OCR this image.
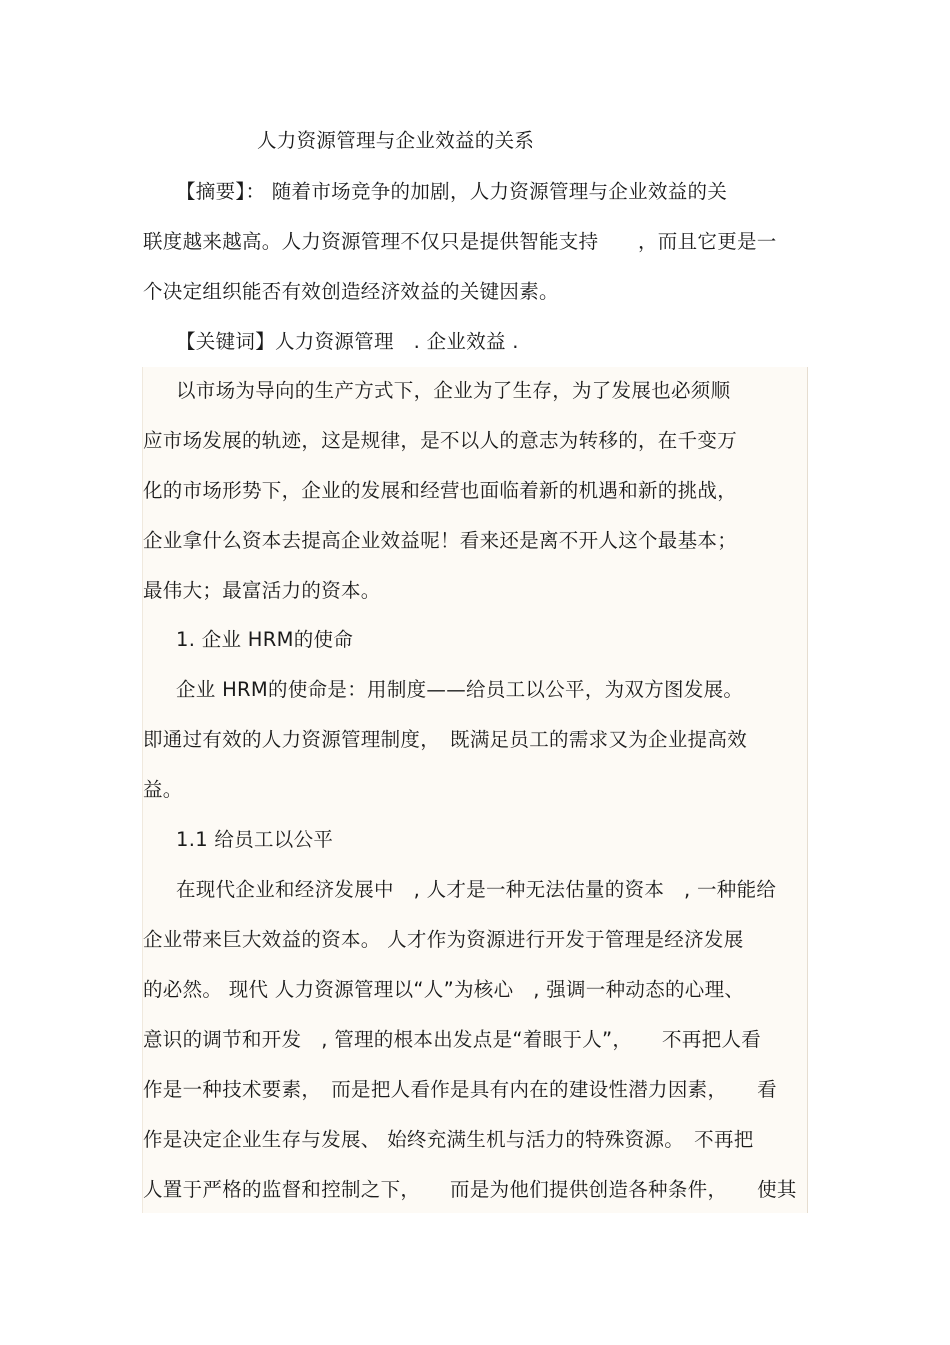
人力资源管理与企业效益的关系
【摘要】： 随着市场竞争的加剧，人力资源管理与企业效益的关
联度越来越高。人力资源管理不仅只是提供智能支持　　，而且它更是一
个决定组织能否有效创造经济效益的关键因素。
【关键词】人力资源管理　. 企业效益 .
以市场为导向的生产方式下，企业为了生存，为了发展也必须顺
应市场发展的轨迹，这是规律，是不以人的意志为转移的，在千变万
化的市场形势下，企业的发展和经营也面临着新的机遇和新的挑战，
企业拿什么资本去提高企业效益呢！看来还是离不开人这个最基本；
最伟大；最富活力的资本。
1. 企业 HRM的使命
企业 HRM的使命是：用制度——给员工以公平，为双方图发展。
即通过有效的人力资源管理制度，　既满足员工的需求又为企业提高效
益。
1.1 给员工以公平
在现代企业和经济发展中　, 人才是一种无法估量的资本　, 一种能给
企业带来巨大效益的资本。 人才作为资源进行开发于管理是经济发展
的必然。 现代 人力资源管理以“人”为核心　, 强调一种动态的心理、
意识的调节和开发　, 管理的根本出发点是“着眼于人”，　　不再把人看
作是一种技术要素，　而是把人看作是具有内在的建设性潜力因素，　　看
作是决定企业生存与发展、 始终充满生机与活力的特殊资源。　不再把
人置于严格的监督和控制之下，　　而是为他们提供创造各种条件，　　使其
